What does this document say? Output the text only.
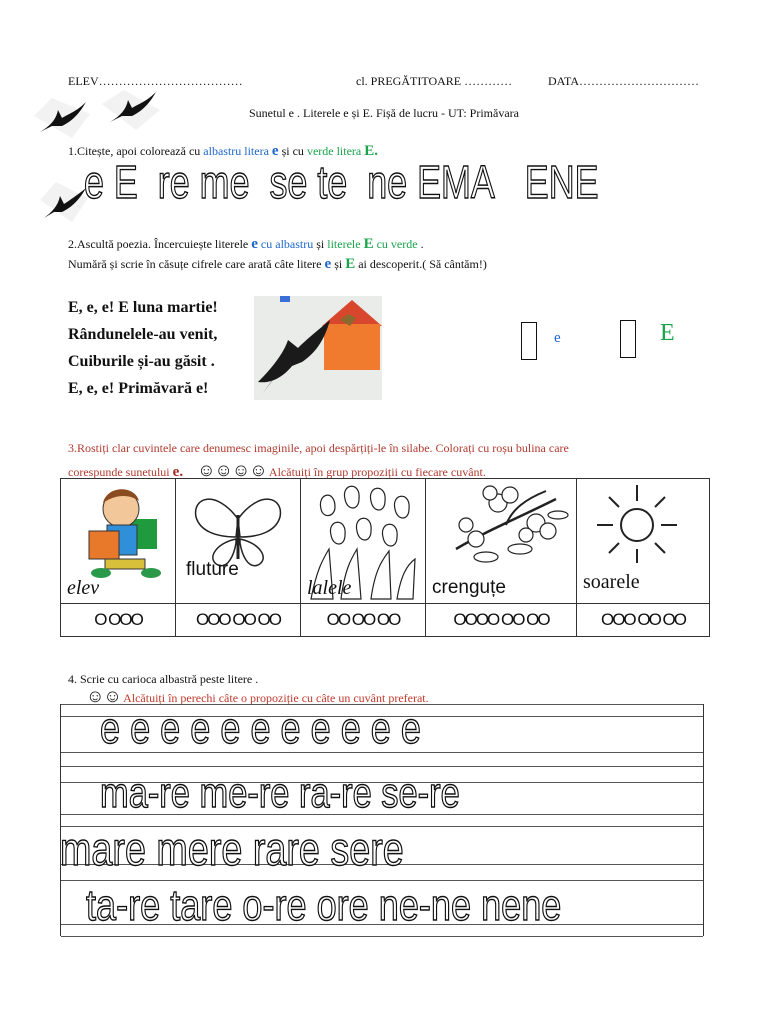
ELEV………………………………	cl. PREGĂTITOARE …………	DATA…………………………
Sunetul e . Literele e și E. Fișă de lucru - UT: Primăvara
1.Citește, apoi colorează cu albastru litera e și cu verde litera E.
e E re me se te ne EMA ENE
2.Ascultă poezia. Încercuiește literele e cu albastru și literele E cu verde .
Numără și scrie în căsuțe cifrele care arată câte litere e și E ai descoperit.( Să cântăm!)
E, e, e! E luna martie!
Rândunelele-au venit,
Cuiburile și-au găsit .
E, e, e! Primăvară e!
e	E
3.Rostiți clar cuvintele care denumesc imaginile, apoi despărțiți-le în silabe. Colorați cu roșu bulina care
corespunde sunetului e. ☺☺☺☺ Alcătuiți în grup propoziții cu fiecare cuvânt.
elev	fluture	lalele	crenguțe	soarele

O OOO	OOO OO OO	OO OO OO	OOOO OO OO	OOO OO OO
4. Scrie cu carioca albastră peste litere .
☺☺ Alcătuiți în perechi câte o propoziție cu câte un cuvânt preferat.
e e e e e e e e e e e
ma-re me-re ra-re se-re
mare mere rare sere
ta-re tare o-re ore ne-ne nene
